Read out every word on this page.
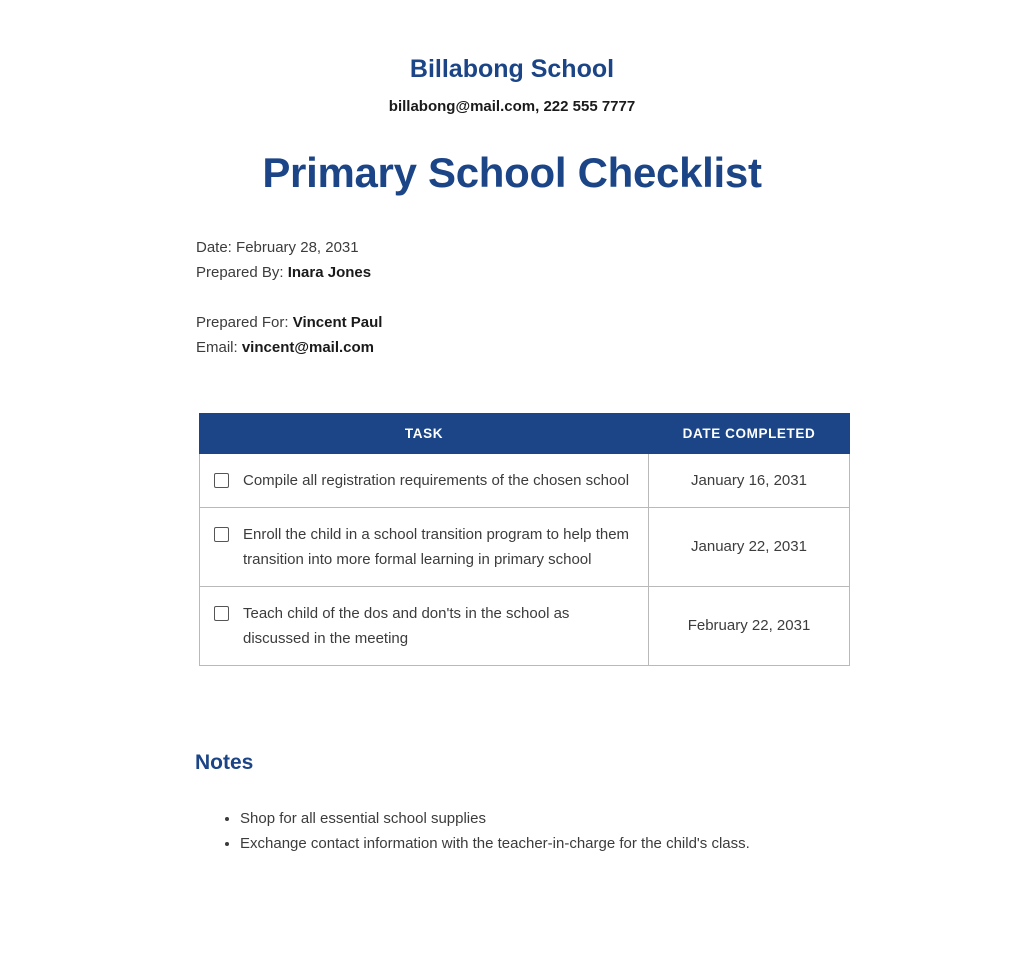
Billabong School
billabong@mail.com, 222 555 7777
Primary School Checklist
Date: February 28, 2031
Prepared By: Inara Jones
Prepared For: Vincent Paul
Email: vincent@mail.com
TASK	DATE COMPLETED

Compile all registration requirements of the chosen school	January 16, 2031

Enroll the child in a school transition program to help them transition into more formal learning in primary school	January 22, 2031

Teach child of the dos and don'ts in the school as discussed in the meeting	February 22, 2031
Notes
• Shop for all essential school supplies
• Exchange contact information with the teacher-in-charge for the child's class.
